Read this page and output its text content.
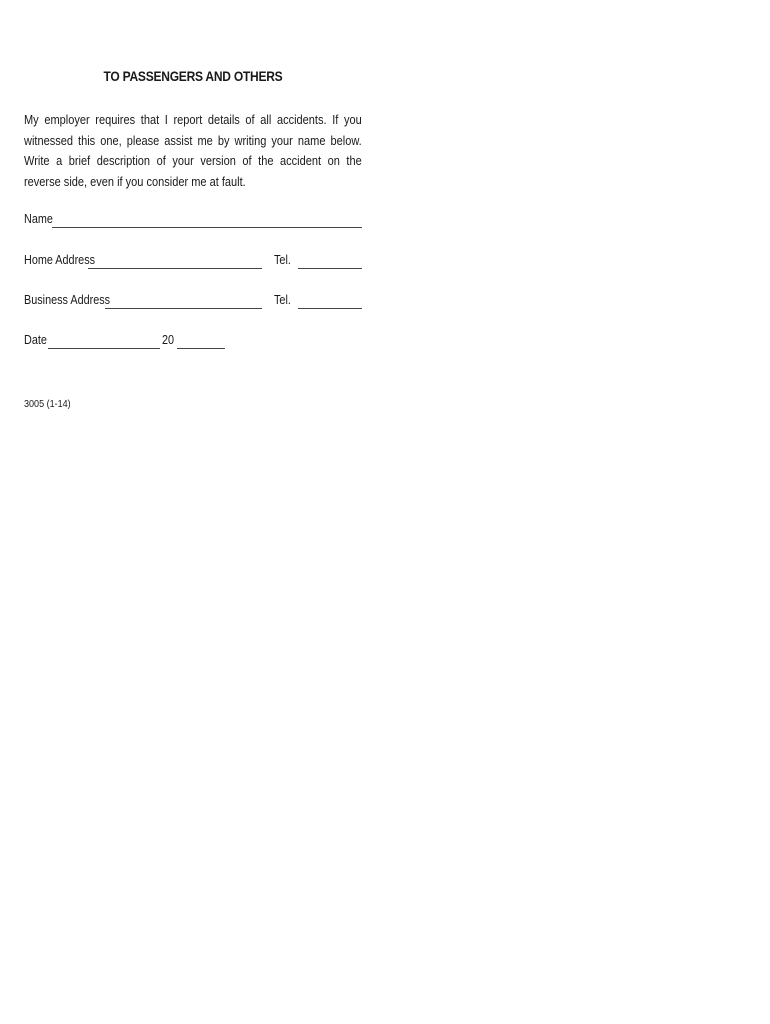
TO PASSENGERS AND OTHERS
My employer requires that I report details of all accidents. If you witnessed this one, please assist me by writing your name below. Write a brief description of your version of the accident on the reverse side, even if you consider me at fault.
Name
Home Address	Tel.
Business Address	Tel.
Date	20
3005 (1-14)
